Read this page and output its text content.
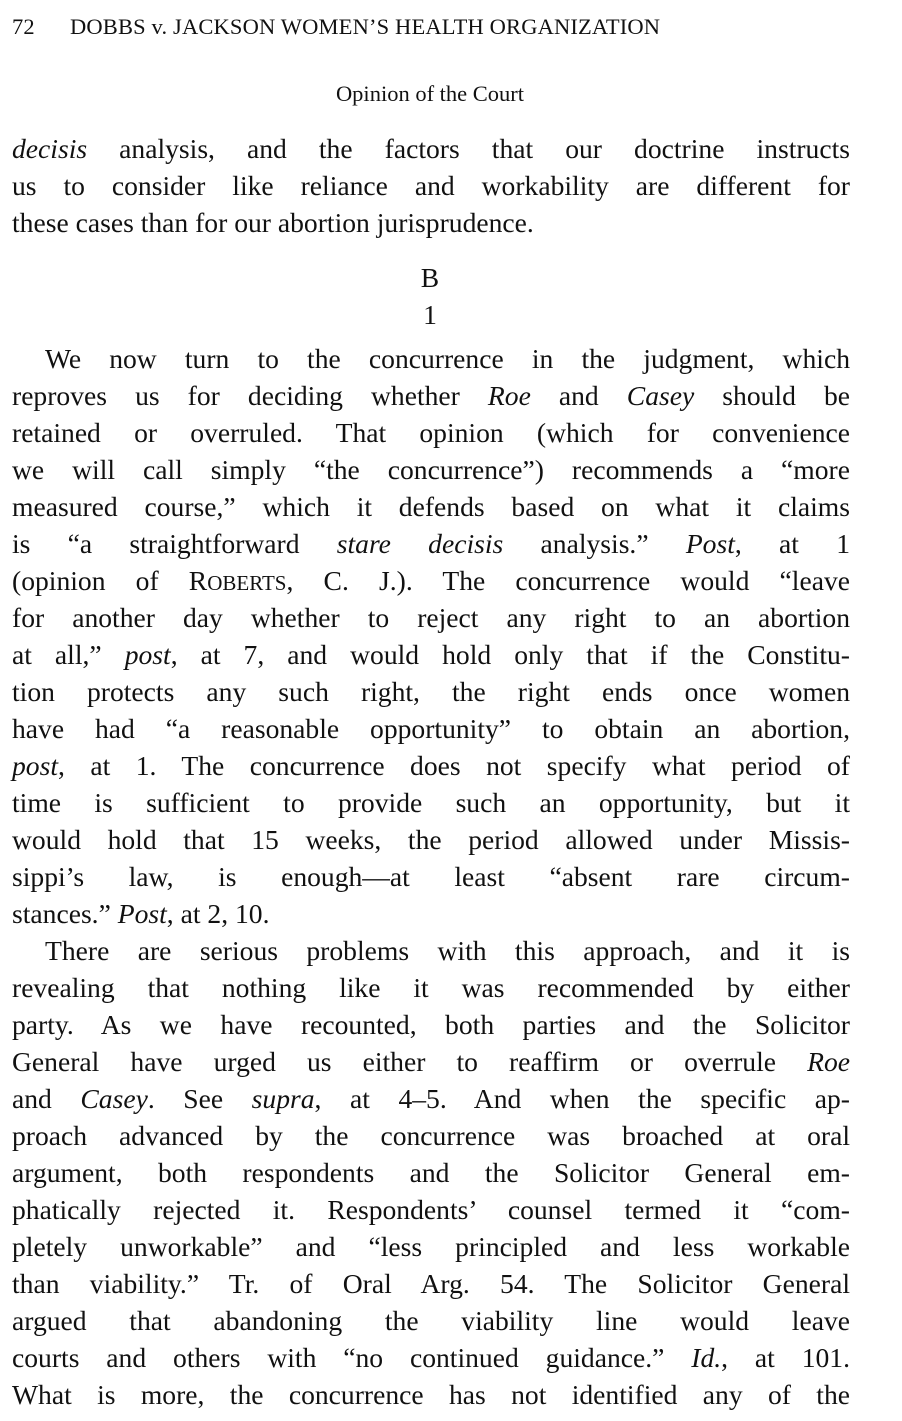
72 DOBBS v. JACKSON WOMEN’S HEALTH ORGANIZATION
Opinion of the Court
B
1
decisis analysis, and the factors that our doctrine instructs
us to consider like reliance and workability are different for
these cases than for our abortion jurisprudence.
We now turn to the concurrence in the judgment, which
reproves us for deciding whether Roe and Casey should be
retained or overruled. That opinion (which for convenience
we will call simply “the concurrence”) recommends a “more
measured course,” which it defends based on what it claims
is “a straightforward stare decisis analysis.” Post, at 1
(opinion of ROBERTS, C. J.). The concurrence would “leave
for another day whether to reject any right to an abortion
at all,” post, at 7, and would hold only that if the Constitu-
tion protects any such right, the right ends once women
have had “a reasonable opportunity” to obtain an abortion,
post, at 1. The concurrence does not specify what period of
time is sufficient to provide such an opportunity, but it
would hold that 15 weeks, the period allowed under Missis-
sippi’s law, is enough—at least “absent rare circum-
stances.” Post, at 2, 10.
There are serious problems with this approach, and it is
revealing that nothing like it was recommended by either
party. As we have recounted, both parties and the Solicitor
General have urged us either to reaffirm or overrule Roe
and Casey. See supra, at 4–5. And when the specific ap-
proach advanced by the concurrence was broached at oral
argument, both respondents and the Solicitor General em-
phatically rejected it. Respondents’ counsel termed it “com-
pletely unworkable” and “less principled and less workable
than viability.” Tr. of Oral Arg. 54. The Solicitor General
argued that abandoning the viability line would leave
courts and others with “no continued guidance.” Id., at 101.
What is more, the concurrence has not identified any of the
